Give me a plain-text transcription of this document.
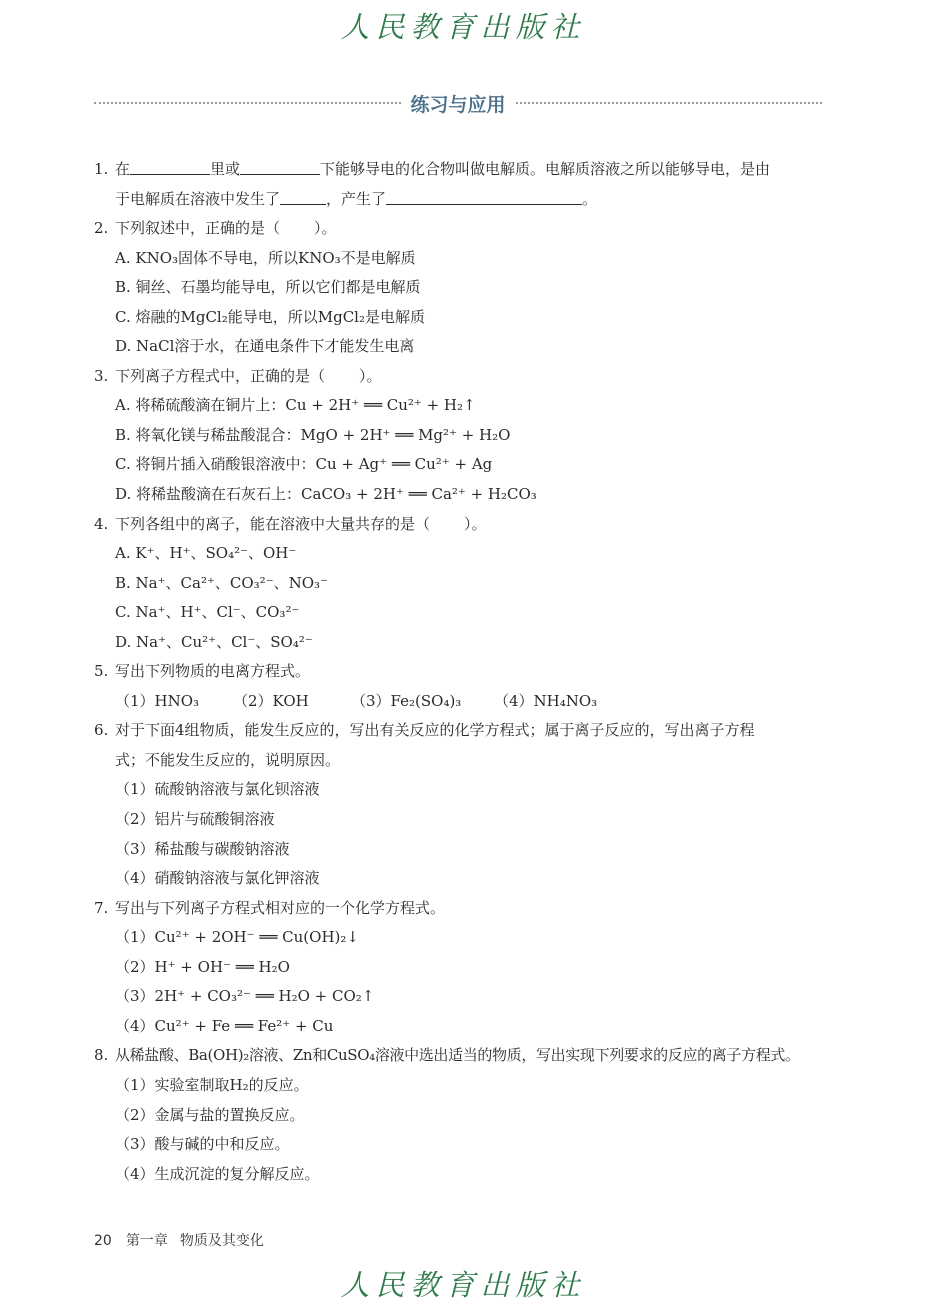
人民教育出版社
练习与应用
1. 在	里或	下能够导电的化合物叫做电解质。电解质溶液之所以能够导电，是由
于电解质在溶液中发生了	，产生了	。
2. 下列叙述中，正确的是（ ）。
A. KNO₃固体不导电，所以KNO₃不是电解质
B. 铜丝、石墨均能导电，所以它们都是电解质
C. 熔融的MgCl₂能导电，所以MgCl₂是电解质
D. NaCl溶于水，在通电条件下才能发生电离
3. 下列离子方程式中，正确的是（ ）。
A. 将稀硫酸滴在铜片上：Cu + 2H⁺ ══ Cu²⁺ + H₂↑
B. 将氧化镁与稀盐酸混合：MgO + 2H⁺ ══ Mg²⁺ + H₂O
C. 将铜片插入硝酸银溶液中：Cu + Ag⁺ ══ Cu²⁺ + Ag
D. 将稀盐酸滴在石灰石上：CaCO₃ + 2H⁺ ══ Ca²⁺ + H₂CO₃
4. 下列各组中的离子，能在溶液中大量共存的是（ ）。
A. K⁺、H⁺、SO₄²⁻、OH⁻
B. Na⁺、Ca²⁺、CO₃²⁻、NO₃⁻
C. Na⁺、H⁺、Cl⁻、CO₃²⁻
D. Na⁺、Cu²⁺、Cl⁻、SO₄²⁻
5. 写出下列物质的电离方程式。
（1）HNO₃ （2）KOH	（3）Fe₂(SO₄)₃ （4）NH₄NO₃
6. 对于下面4组物质，能发生反应的，写出有关反应的化学方程式；属于离子反应的，写出离子方程
式；不能发生反应的，说明原因。
（1）硫酸钠溶液与氯化钡溶液
（2）铝片与硫酸铜溶液
（3）稀盐酸与碳酸钠溶液
（4）硝酸钠溶液与氯化钾溶液
7. 写出与下列离子方程式相对应的一个化学方程式。
（1）Cu²⁺ + 2OH⁻ ══ Cu(OH)₂↓
（2）H⁺ + OH⁻ ══ H₂O
（3）2H⁺ + CO₃²⁻ ══ H₂O + CO₂↑
（4）Cu²⁺ + Fe ══ Fe²⁺ + Cu
8. 从稀盐酸、Ba(OH)₂溶液、Zn和CuSO₄溶液中选出适当的物质，写出实现下列要求的反应的离子方程式。
（1）实验室制取H₂的反应。
（2）金属与盐的置换反应。
（3）酸与碱的中和反应。
（4）生成沉淀的复分解反应。
20 第一章 物质及其变化
人民教育出版社
